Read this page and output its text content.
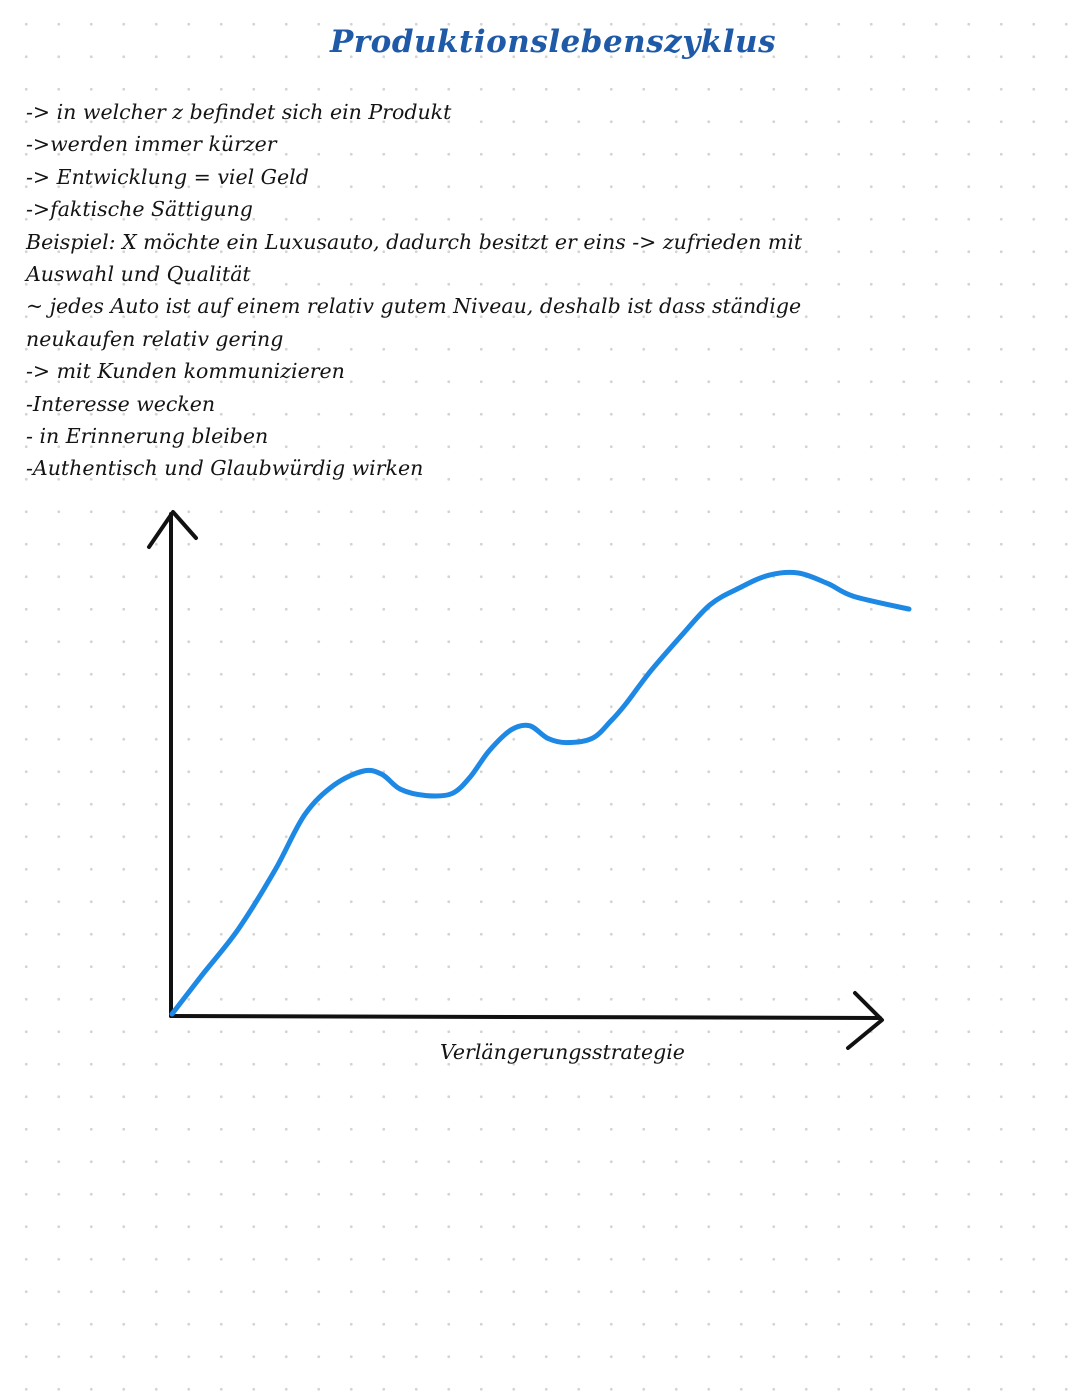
Produktionslebenszyklus
-> in welcher z befindet sich ein Produkt
->werden immer kürzer
-> Entwicklung = viel Geld
->faktische Sättigung
Beispiel: X möchte ein Luxusauto, dadurch besitzt er eins -> zufrieden mit
Auswahl und Qualität
~ jedes Auto ist auf einem relativ gutem Niveau, deshalb ist dass ständige
neukaufen relativ gering
-> mit Kunden kommunizieren
-Interesse wecken
- in Erinnerung bleiben
-Authentisch und Glaubwürdig wirken

Verlängerungsstrategie
